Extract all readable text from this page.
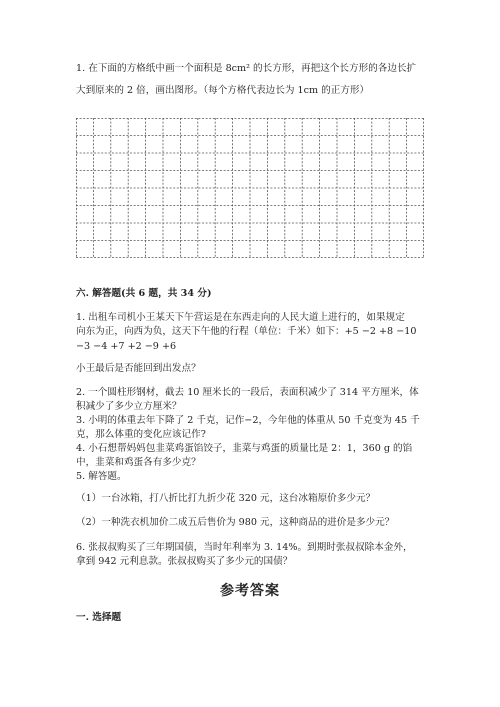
1. 在下面的方格纸中画一个面积是 8cm² 的长方形，再把这个长方形的各边长扩
大到原来的 2 倍，画出图形。（每个方格代表边长为 1cm 的正方形）
六. 解答题(共 6 题，共 34 分)
1. 出租车司机小王某天下午营运是在东西走向的人民大道上进行的，如果规定
向东为正，向西为负，这天下午他的行程（单位：千米）如下：+5 −2 +8 −10
−3 −4 +7 +2 −9 +6
小王最后是否能回到出发点？
2. 一个圆柱形钢材，截去 10 厘米长的一段后，表面积减少了 314 平方厘米，体
积减少了多少立方厘米？
3. 小明的体重去年下降了 2 千克，记作−2，今年他的体重从 50 千克变为 45 千
克，那么体重的变化应该记作?
4. 小石想帮妈妈包韭菜鸡蛋馅饺子，韭菜与鸡蛋的质量比是 2：1，360 g 的馅
中，韭菜和鸡蛋各有多少克？
5. 解答题。
（1）一台冰箱，打八折比打九折少花 320 元，这台冰箱原价多少元？
（2）一种洗衣机加价二成五后售价为 980 元，这种商品的进价是多少元？
6. 张叔叔购买了三年期国债，当时年利率为 3. 14%。到期时张叔叔除本金外，
拿到 942 元利息款。张叔叔购买了多少元的国债？
参考答案
一. 选择题
